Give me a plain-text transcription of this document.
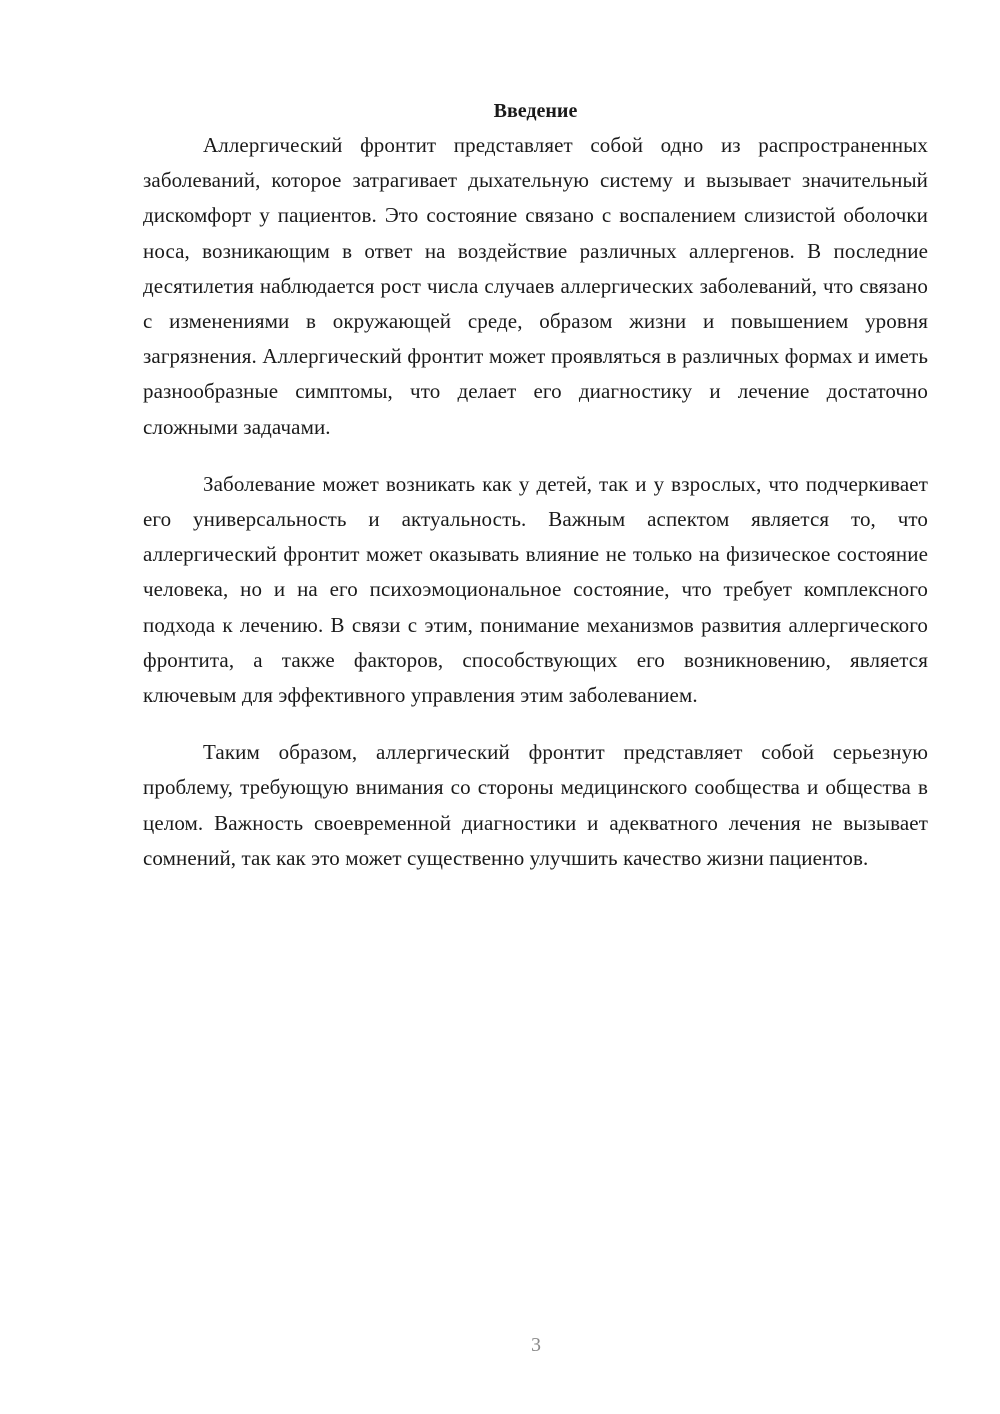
Введение

Аллергический фронтит представляет собой одно из распространенных заболеваний, которое затрагивает дыхательную систему и вызывает значительный дискомфорт у пациентов. Это состояние связано с воспалением слизистой оболочки носа, возникающим в ответ на воздействие различных аллергенов. В последние десятилетия наблюдается рост числа случаев аллергических заболеваний, что связано с изменениями в окружающей среде, образом жизни и повышением уровня загрязнения. Аллергический фронтит может проявляться в различных формах и иметь разнообразные симптомы, что делает его диагностику и лечение достаточно сложными задачами.

Заболевание может возникать как у детей, так и у взрослых, что подчеркивает его универсальность и актуальность. Важным аспектом является то, что аллергический фронтит может оказывать влияние не только на физическое состояние человека, но и на его психоэмоциональное состояние, что требует комплексного подхода к лечению. В связи с этим, понимание механизмов развития аллергического фронтита, а также факторов, способствующих его возникновению, является ключевым для эффективного управления этим заболеванием.

Таким образом, аллергический фронтит представляет собой серьезную проблему, требующую внимания со стороны медицинского сообщества и общества в целом. Важность своевременной диагностики и адекватного лечения не вызывает сомнений, так как это может существенно улучшить качество жизни пациентов.

3
